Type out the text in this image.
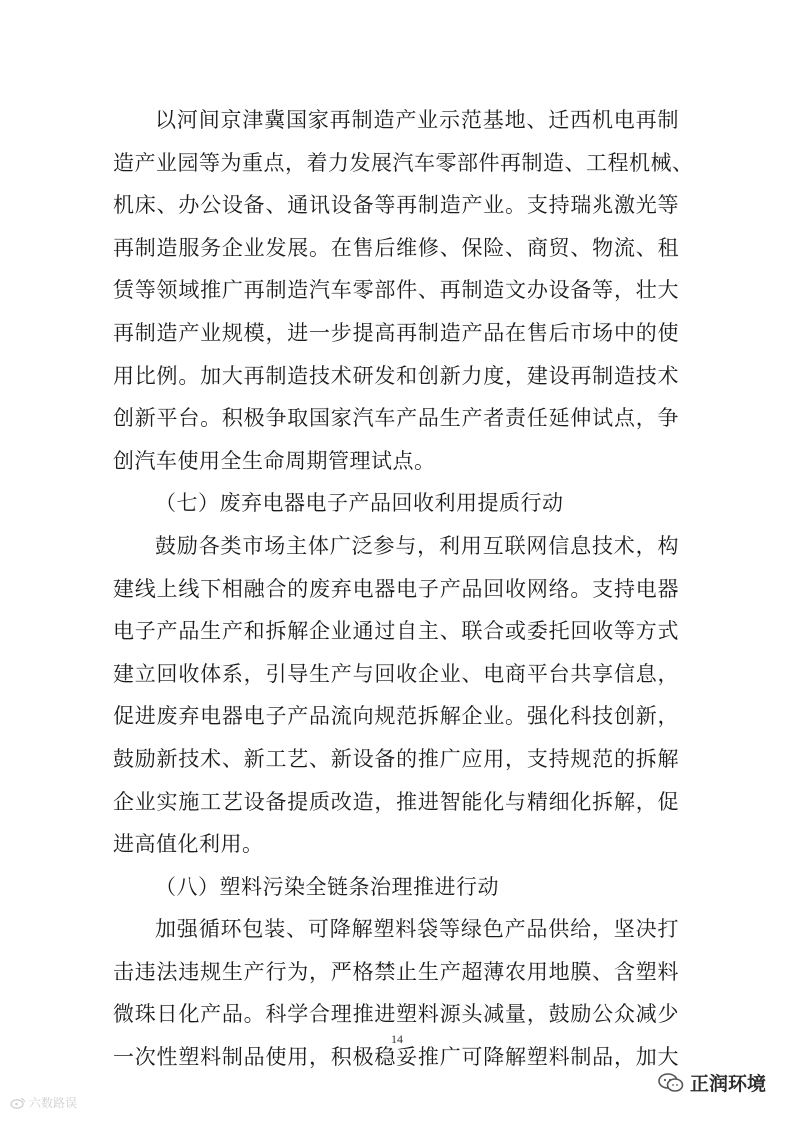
以河间京津冀国家再制造产业示范基地、迁西机电再制
造产业园等为重点，着力发展汽车零部件再制造、工程机械、
机床、办公设备、通讯设备等再制造产业。支持瑞兆激光等
再制造服务企业发展。在售后维修、保险、商贸、物流、租
赁等领域推广再制造汽车零部件、再制造文办设备等，壮大
再制造产业规模，进一步提高再制造产品在售后市场中的使
用比例。加大再制造技术研发和创新力度，建设再制造技术
创新平台。积极争取国家汽车产品生产者责任延伸试点，争
创汽车使用全生命周期管理试点。
（七）废弃电器电子产品回收利用提质行动
鼓励各类市场主体广泛参与，利用互联网信息技术，构
建线上线下相融合的废弃电器电子产品回收网络。支持电器
电子产品生产和拆解企业通过自主、联合或委托回收等方式
建立回收体系，引导生产与回收企业、电商平台共享信息，
促进废弃电器电子产品流向规范拆解企业。强化科技创新，
鼓励新技术、新工艺、新设备的推广应用，支持规范的拆解
企业实施工艺设备提质改造，推进智能化与精细化拆解，促
进高值化利用。
（八）塑料污染全链条治理推进行动
加强循环包装、可降解塑料袋等绿色产品供给，坚决打
击违法违规生产行为，严格禁止生产超薄农用地膜、含塑料
微珠日化产品。科学合理推进塑料源头减量，鼓励公众减少
一次性塑料制品使用，积极稳妥推广可降解塑料制品，加大
14
正润环境
六数路误
